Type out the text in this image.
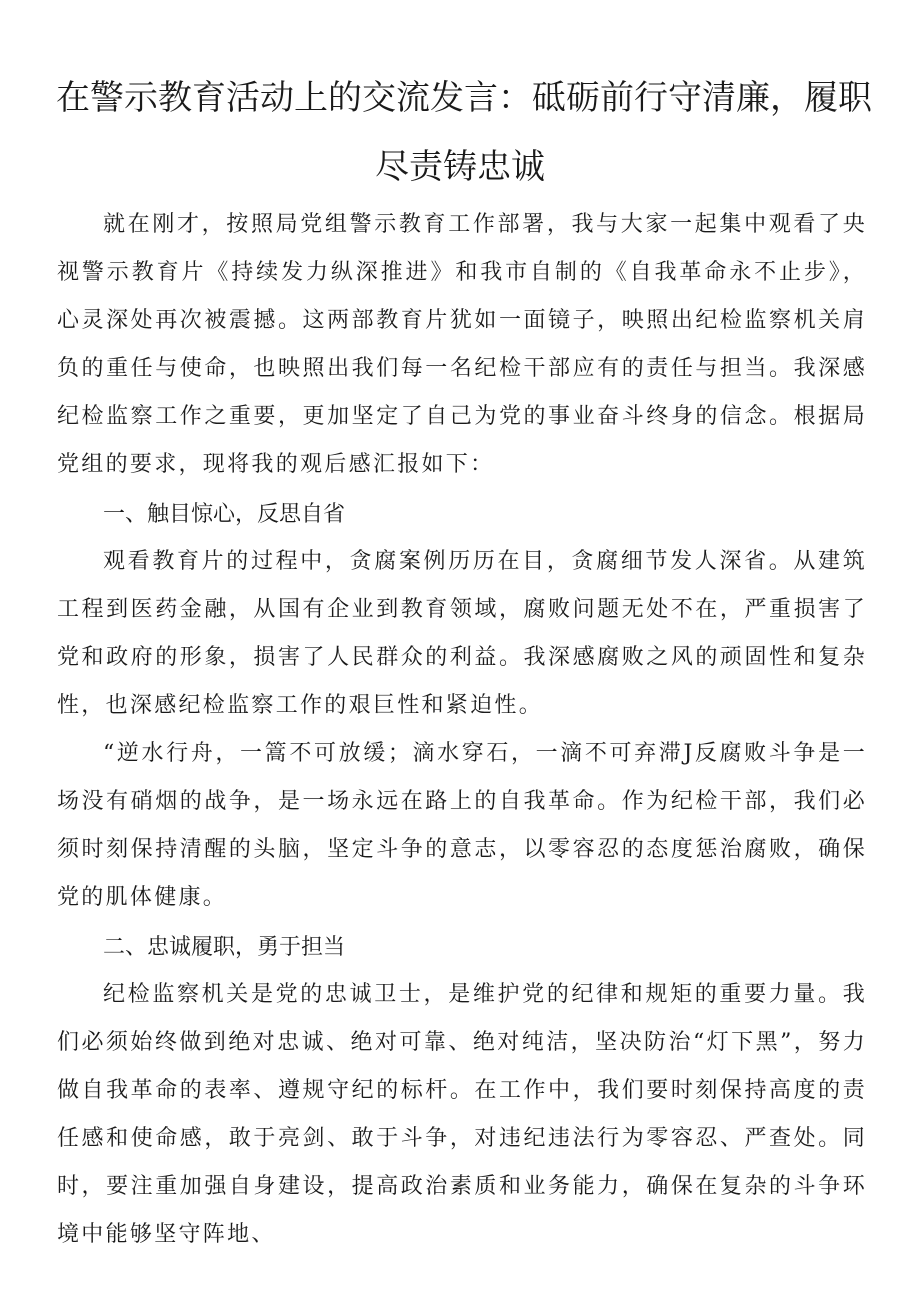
在警示教育活动上的交流发言：砥砺前行守清廉，履职
尽责铸忠诚

就在刚才，按照局党组警示教育工作部署，我与大家一起集中观看了央视警示教育片《持续发力纵深推进》和我市自制的《自我革命永不止步》，心灵深处再次被震撼。这两部教育片犹如一面镜子，映照出纪检监察机关肩负的重任与使命，也映照出我们每一名纪检干部应有的责任与担当。我深感纪检监察工作之重要，更加坚定了自己为党的事业奋斗终身的信念。根据局党组的要求，现将我的观后感汇报如下：

一、触目惊心，反思自省

观看教育片的过程中，贪腐案例历历在目，贪腐细节发人深省。从建筑工程到医药金融，从国有企业到教育领域，腐败问题无处不在，严重损害了党和政府的形象，损害了人民群众的利益。我深感腐败之风的顽固性和复杂性，也深感纪检监察工作的艰巨性和紧迫性。

“逆水行舟，一篙不可放缓；滴水穿石，一滴不可弃滞J反腐败斗争是一场没有硝烟的战争，是一场永远在路上的自我革命。作为纪检干部，我们必须时刻保持清醒的头脑，坚定斗争的意志，以零容忍的态度惩治腐败，确保党的肌体健康。

二、忠诚履职，勇于担当

纪检监察机关是党的忠诚卫士，是维护党的纪律和规矩的重要力量。我们必须始终做到绝对忠诚、绝对可靠、绝对纯洁，坚决防治“灯下黑”，努力做自我革命的表率、遵规守纪的标杆。在工作中，我们要时刻保持高度的责任感和使命感，敢于亮剑、敢于斗争，对违纪违法行为零容忍、严查处。同时，要注重加强自身建设，提高政治素质和业务能力，确保在复杂的斗争环境中能够坚守阵地、
